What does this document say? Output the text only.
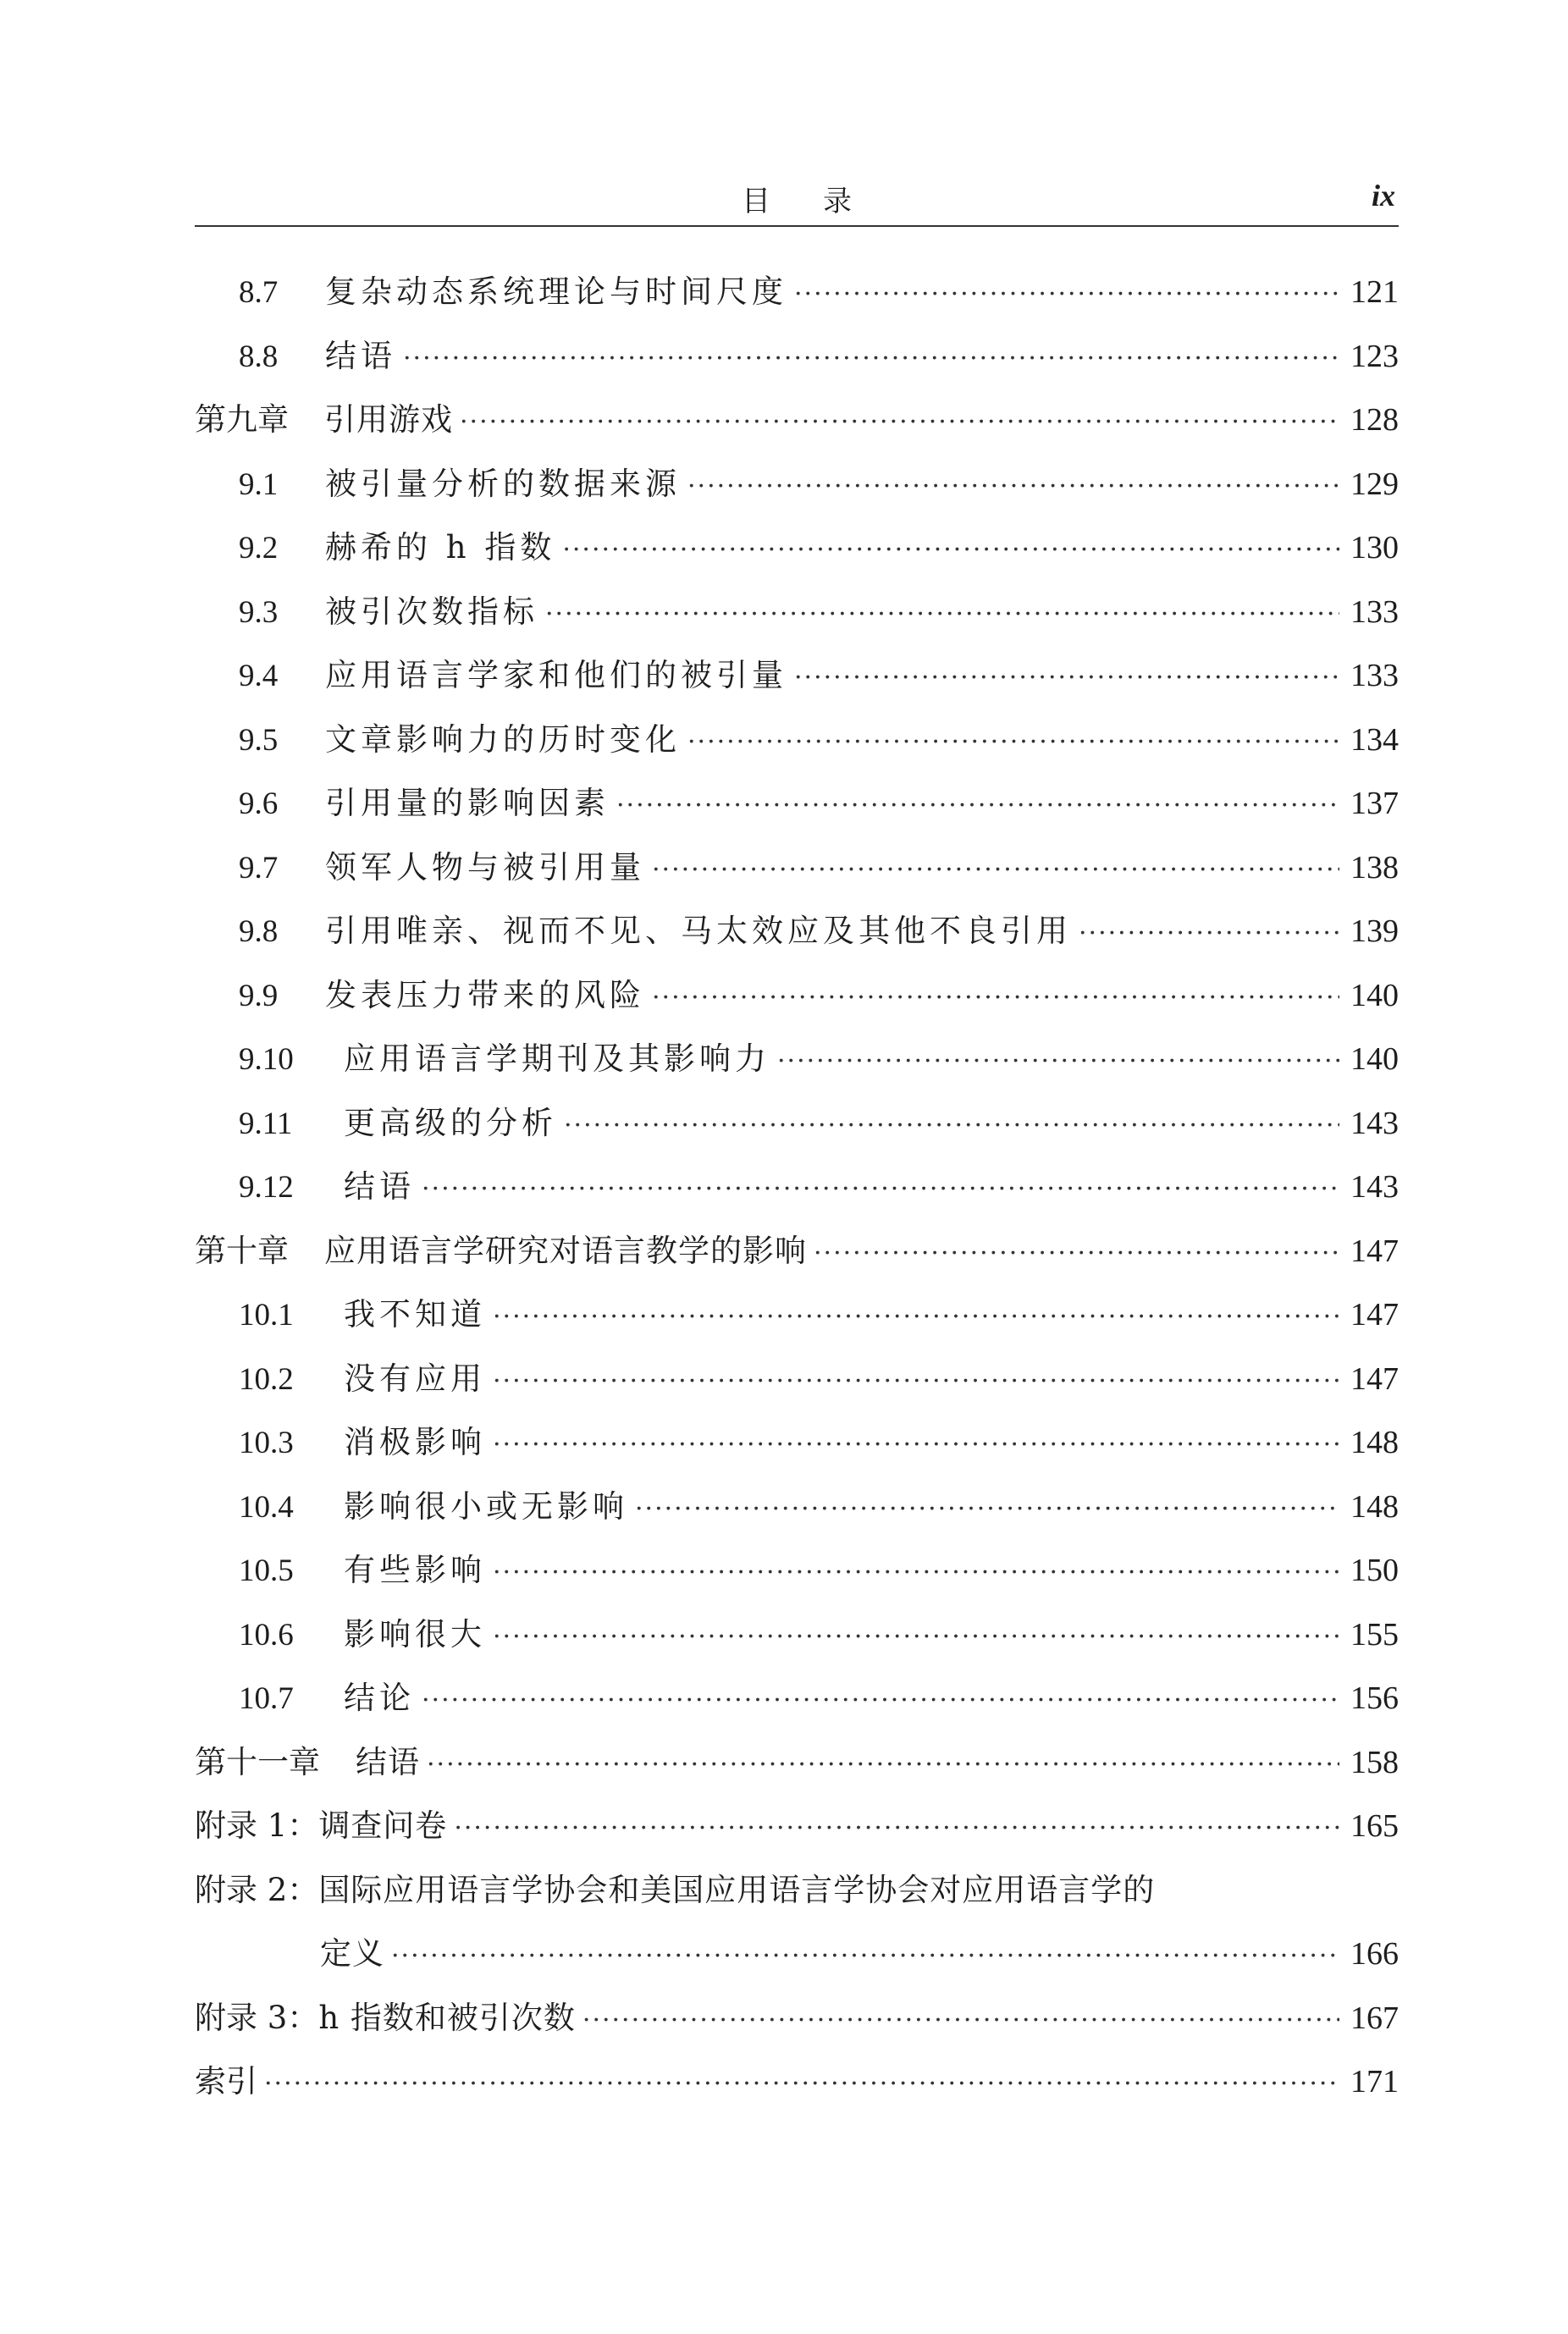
目录	ix
8.7	复杂动态系统理论与时间尺度 ·····	121
8.8	结语 ·····	123
第九章 引用游戏 ·····	128
9.1	被引量分析的数据来源 ·····	129
9.2	赫希的 h 指数 ·····	130
9.3	被引次数指标 ·····	133
9.4	应用语言学家和他们的被引量 ·····	133
9.5	文章影响力的历时变化 ·····	134
9.6	引用量的影响因素 ·····	137
9.7	领军人物与被引用量 ·····	138
9.8	引用唯亲、视而不见、马太效应及其他不良引用 ·····	139
9.9	发表压力带来的风险 ·····	140
9.10	应用语言学期刊及其影响力 ·····	140
9.11	更高级的分析 ·····	143
9.12	结语 ·····	143
第十章 应用语言学研究对语言教学的影响 ·····	147
10.1	我不知道 ·····	147
10.2	没有应用 ·····	147
10.3	消极影响 ·····	148
10.4	影响很小或无影响 ·····	148
10.5	有些影响 ·····	150
10.6	影响很大 ·····	155
10.7	结论 ·····	156
第十一章 结语 ·····	158
附录 1： 调查问卷 ·····	165
附录 2： 国际应用语言学协会和美国应用语言学协会对应用语言学的
定义 ·····	166
附录 3： h 指数和被引次数 ·····	167
索引 ·····	171
